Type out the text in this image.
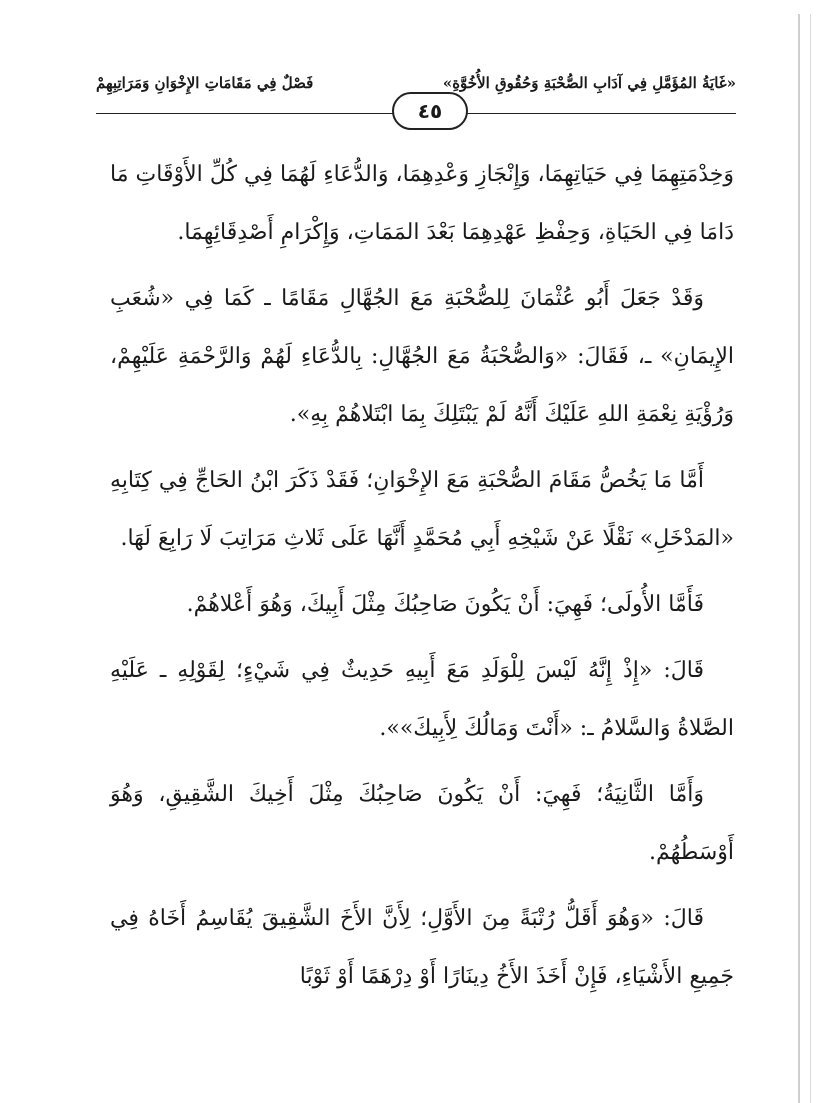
«غَايَةُ المُؤَمَّلِ فِي آدَابِ الصُّحْبَةِ وَحُقُوقِ الأُخُوَّةِ»
فَصْلٌ فِي مَقَامَاتِ الإِخْوَانِ وَمَرَاتِبِهِمْ
٤٥

وَخِدْمَتِهِمَا فِي حَيَاتِهِمَا، وَإِنْجَازِ وَعْدِهِمَا، وَالدُّعَاءِ لَهُمَا فِي كُلِّ الأَوْقَاتِ مَا دَامَا فِي الحَيَاةِ، وَحِفْظِ عَهْدِهِمَا بَعْدَ المَمَاتِ، وَإِكْرَامِ أَصْدِقَائِهِمَا.

وَقَدْ جَعَلَ أَبُو عُثْمَانَ لِلصُّحْبَةِ مَعَ الجُهَّالِ مَقَامًا ـ كَمَا فِي «شُعَبِ الإِيمَانِ» ـ، فَقَالَ: «وَالصُّحْبَةُ مَعَ الجُهَّالِ: بِالدُّعَاءِ لَهُمْ وَالرَّحْمَةِ عَلَيْهِمْ، وَرُؤْيَةِ نِعْمَةِ اللهِ عَلَيْكَ أَنَّهُ لَمْ يَبْتَلِكَ بِمَا ابْتَلاهُمْ بِهِ».

أَمَّا مَا يَخُصُّ مَقَامَ الصُّحْبَةِ مَعَ الإِخْوَانِ؛ فَقَدْ ذَكَرَ ابْنُ الحَاجِّ فِي كِتَابِهِ «المَدْخَلِ» نَقْلًا عَنْ شَيْخِهِ أَبِي مُحَمَّدٍ أَنَّهَا عَلَى ثَلاثِ مَرَاتِبَ لَا رَابِعَ لَهَا.

فَأَمَّا الأُولَى؛ فَهِيَ: أَنْ يَكُونَ صَاحِبُكَ مِثْلَ أَبِيكَ، وَهُوَ أَعْلاهُمْ.

قَالَ: «إِذْ إِنَّهُ لَيْسَ لِلْوَلَدِ مَعَ أَبِيهِ حَدِيثٌ فِي شَيْءٍ؛ لِقَوْلِهِ ـ عَلَيْهِ الصَّلاةُ وَالسَّلامُ ـ: «أَنْتَ وَمَالُكَ لِأَبِيكَ»».

وَأَمَّا الثَّانِيَةُ؛ فَهِيَ: أَنْ يَكُونَ صَاحِبُكَ مِثْلَ أَخِيكَ الشَّقِيقِ، وَهُوَ أَوْسَطُهُمْ.

قَالَ: «وَهُوَ أَقَلُّ رُتْبَةً مِنَ الأَوَّلِ؛ لِأَنَّ الأَخَ الشَّقِيقَ يُقَاسِمُ أَخَاهُ فِي جَمِيعِ الأَشْيَاءِ، فَإِنْ أَخَذَ الأَخُ دِينَارًا أَوْ دِرْهَمًا أَوْ ثَوْبًا
